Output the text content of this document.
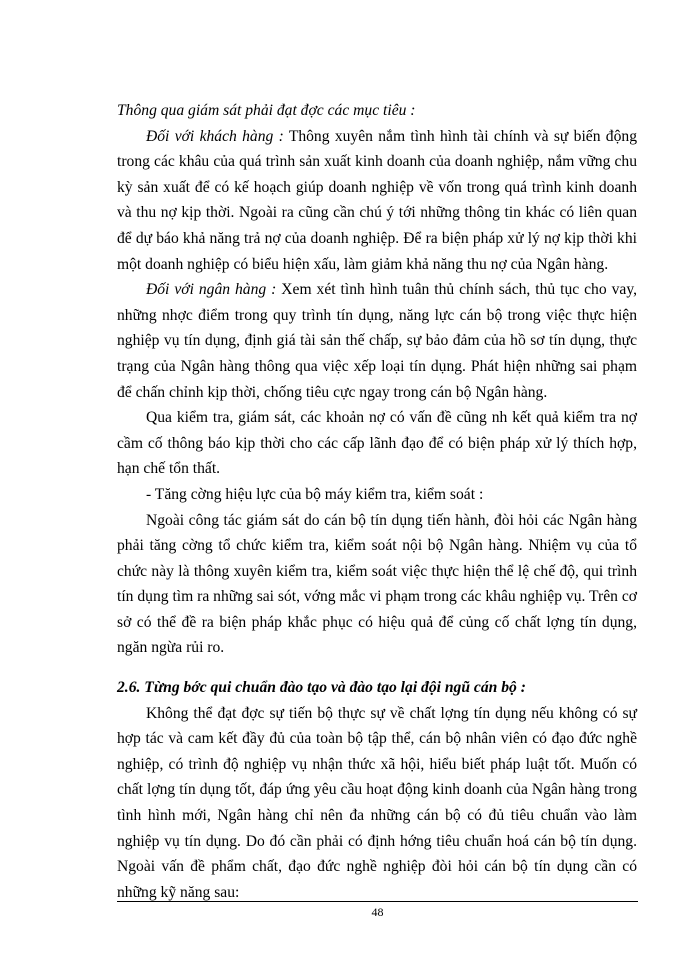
Thông qua giám sát phải đạt đợc các mục tiêu :

Đối với khách hàng : Thông xuyên nắm tình hình tài chính và sự biến động trong các khâu của quá trình sản xuất kinh doanh của doanh nghiệp, nắm vững chu kỳ sản xuất để có kế hoạch giúp doanh nghiệp về vốn trong quá trình kinh doanh và thu nợ kịp thời. Ngoài ra cũng cần chú ý tới những thông tin khác có liên quan để dự báo khả năng trả nợ của doanh nghiệp. Để ra biện pháp xử lý nợ kịp thời khi một doanh nghiệp có biểu hiện xấu, làm giảm khả năng thu nợ của Ngân hàng.

Đối với ngân hàng : Xem xét tình hình tuân thủ chính sách, thủ tục cho vay, những nhợc điểm trong quy trình tín dụng, năng lực cán bộ trong việc thực hiện nghiệp vụ tín dụng, định giá tài sản thế chấp, sự bảo đảm của hồ sơ tín dụng, thực trạng của Ngân hàng thông qua việc xếp loại tín dụng. Phát hiện những sai phạm để chấn chỉnh kịp thời, chống tiêu cực ngay trong cán bộ Ngân hàng.

Qua kiểm tra, giám sát, các khoản nợ có vấn đề cũng nh kết quả kiểm tra nợ cầm cố thông báo kịp thời cho các cấp lãnh đạo để có biện pháp xử lý thích hợp, hạn chế tổn thất.

- Tăng cờng hiệu lực của bộ máy kiểm tra, kiểm soát :

Ngoài công tác giám sát do cán bộ tín dụng tiến hành, đòi hỏi các Ngân hàng phải tăng cờng tổ chức kiểm tra, kiểm soát nội bộ Ngân hàng. Nhiệm vụ của tổ chức này là thông xuyên kiểm tra, kiểm soát việc thực hiện thể lệ chế độ, qui trình tín dụng tìm ra những sai sót, vớng mắc vi phạm trong các khâu nghiệp vụ. Trên cơ sở có thể đề ra biện pháp khắc phục có hiệu quả để củng cố chất lợng tín dụng, ngăn ngừa rủi ro.

2.6. Từng bớc qui chuẩn đào tạo và đào tạo lại đội ngũ cán bộ :

Không thể đạt đợc sự tiến bộ thực sự về chất lợng tín dụng nếu không có sự hợp tác và cam kết đầy đủ của toàn bộ tập thể, cán bộ nhân viên có đạo đức nghề nghiệp, có trình độ nghiệp vụ nhận thức xã hội, hiểu biết pháp luật tốt. Muốn có chất lợng tín dụng tốt, đáp ứng yêu cầu hoạt động kinh doanh của Ngân hàng trong tình hình mới, Ngân hàng chỉ nên đa những cán bộ có đủ tiêu chuẩn vào làm nghiệp vụ tín dụng. Do đó cần phải có định hớng tiêu chuẩn hoá cán bộ tín dụng. Ngoài vấn đề phẩm chất, đạo đức nghề nghiệp đòi hỏi cán bộ tín dụng cần có những kỹ năng sau:

48
